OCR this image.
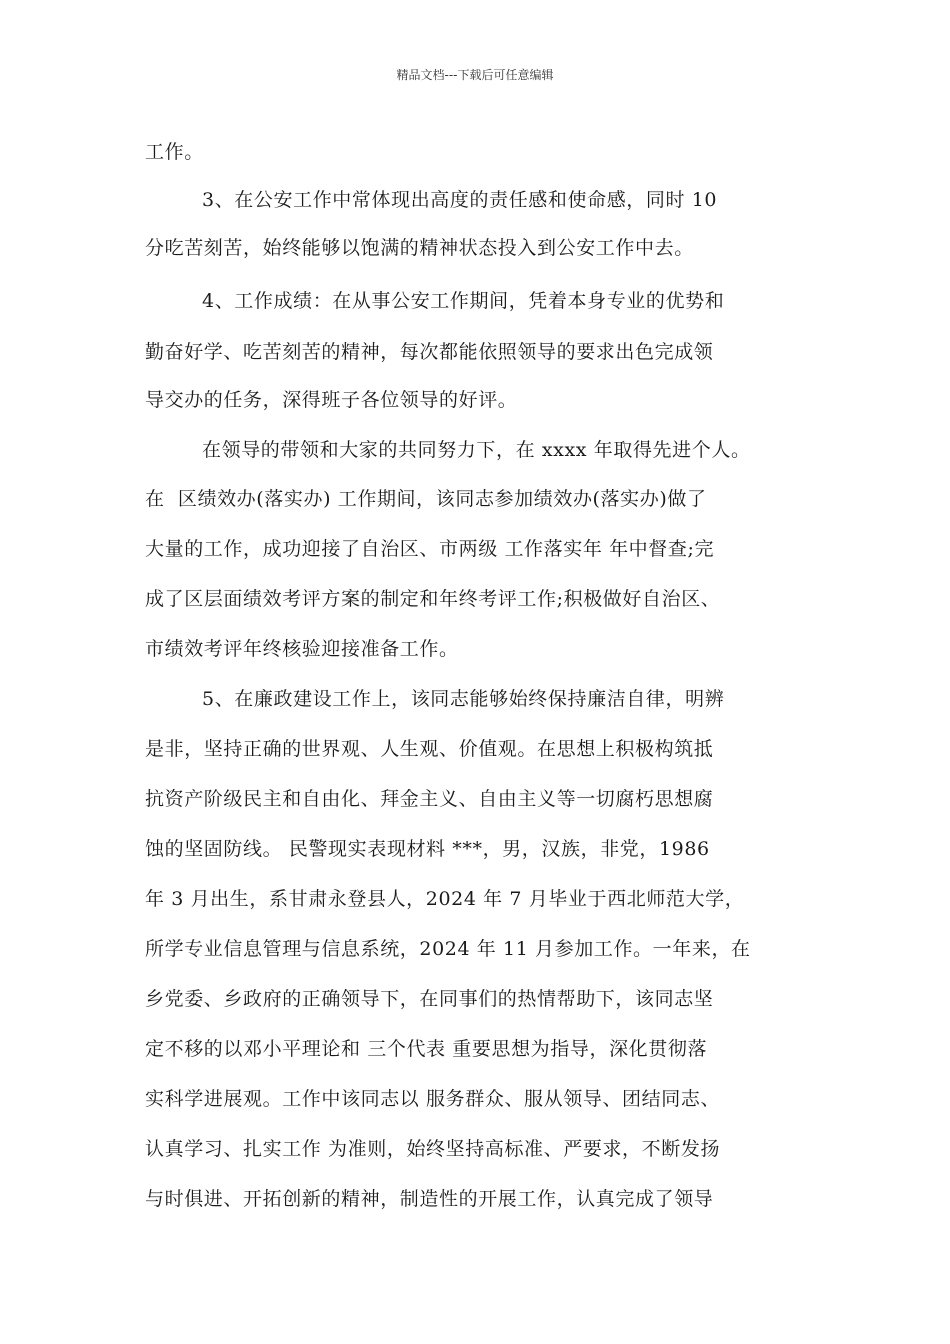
精品文档---下载后可任意编辑
工作。
3、在公安工作中常体现出高度的责任感和使命感，同时 10
分吃苦刻苦，始终能够以饱满的精神状态投入到公安工作中去。
4、工作成绩：在从事公安工作期间，凭着本身专业的优势和
勤奋好学、吃苦刻苦的精神，每次都能依照领导的要求出色完成领
导交办的任务，深得班子各位领导的好评。
在领导的带领和大家的共同努力下，在 xxxx 年取得先进个人。
在  区绩效办(落实办) 工作期间，该同志参加绩效办(落实办)做了
大量的工作，成功迎接了自治区、市两级 工作落实年 年中督查;完
成了区层面绩效考评方案的制定和年终考评工作;积极做好自治区、
市绩效考评年终核验迎接准备工作。
5、在廉政建设工作上，该同志能够始终保持廉洁自律，明辨
是非，坚持正确的世界观、人生观、价值观。在思想上积极构筑抵
抗资产阶级民主和自由化、拜金主义、自由主义等一切腐朽思想腐
蚀的坚固防线。 民警现实表现材料 ***，男，汉族，非党，1986
年 3 月出生，系甘肃永登县人，2024 年 7 月毕业于西北师范大学，
所学专业信息管理与信息系统，2024 年 11 月参加工作。一年来，在
乡党委、乡政府的正确领导下，在同事们的热情帮助下，该同志坚
定不移的以邓小平理论和 三个代表 重要思想为指导，深化贯彻落
实科学进展观。工作中该同志以 服务群众、服从领导、团结同志、
认真学习、扎实工作 为准则，始终坚持高标准、严要求，不断发扬
与时俱进、开拓创新的精神，制造性的开展工作，认真完成了领导
